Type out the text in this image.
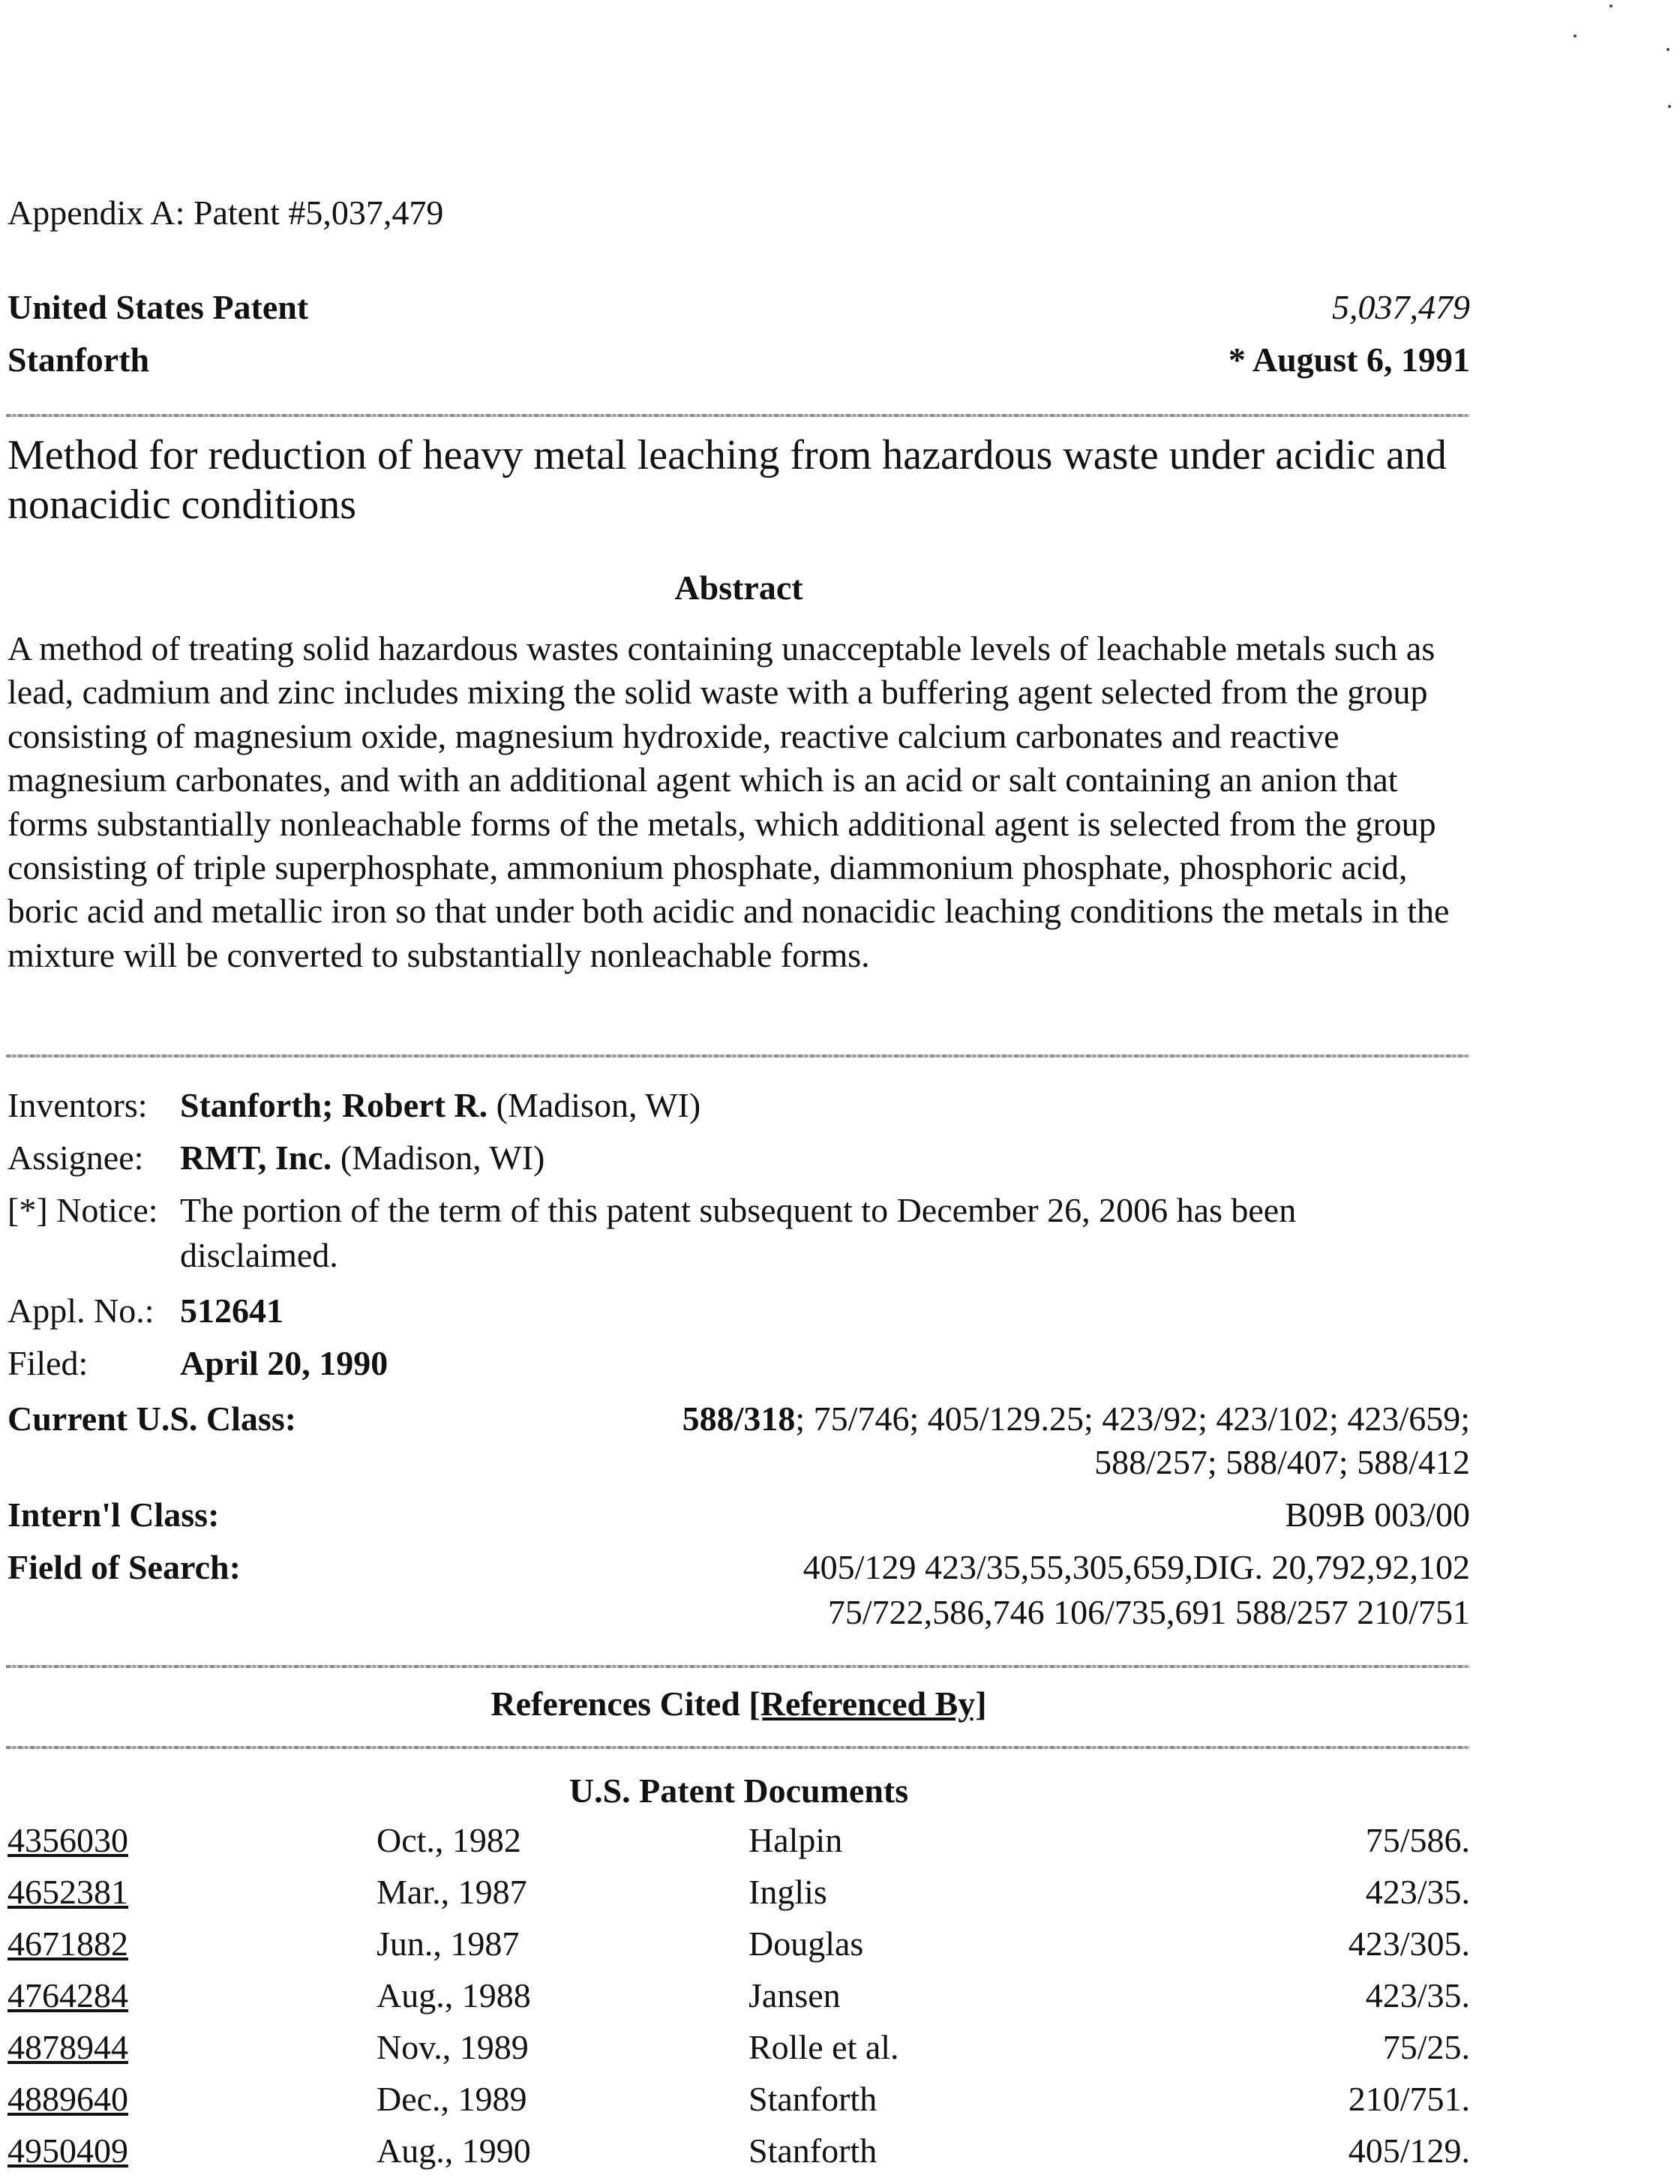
Appendix A: Patent #5,037,479
United States Patent	5,037,479
Stanforth	* August 6, 1991
Method for reduction of heavy metal leaching from hazardous waste under acidic and nonacidic conditions
Abstract
A method of treating solid hazardous wastes containing unacceptable levels of leachable metals such as lead, cadmium and zinc includes mixing the solid waste with a buffering agent selected from the group consisting of magnesium oxide, magnesium hydroxide, reactive calcium carbonates and reactive magnesium carbonates, and with an additional agent which is an acid or salt containing an anion that forms substantially nonleachable forms of the metals, which additional agent is selected from the group consisting of triple superphosphate, ammonium phosphate, diammonium phosphate, phosphoric acid, boric acid and metallic iron so that under both acidic and nonacidic leaching conditions the metals in the mixture will be converted to substantially nonleachable forms.
Inventors: Stanforth; Robert R. (Madison, WI)
Assignee: RMT, Inc. (Madison, WI)
[*] Notice: The portion of the term of this patent subsequent to December 26, 2006 has been
disclaimed.
Appl. No.: 512641
Filed:	April 20, 1990
Current U.S. Class:	588/318; 75/746; 405/129.25; 423/92; 423/102; 423/659;
588/257; 588/407; 588/412
Intern'l Class:	B09B 003/00
Field of Search:	405/129 423/35,55,305,659,DIG. 20,792,92,102
75/722,586,746 106/735,691 588/257 210/751
References Cited [Referenced By]
U.S. Patent Documents
4356030	Oct., 1982	Halpin	75/586.
4652381	Mar., 1987	Inglis	423/35.
4671882	Jun., 1987	Douglas	423/305.
4764284	Aug., 1988	Jansen	423/35.
4878944	Nov., 1989	Rolle et al.	75/25.
4889640	Dec., 1989	Stanforth	210/751.
4950409	Aug., 1990	Stanforth	405/129.
